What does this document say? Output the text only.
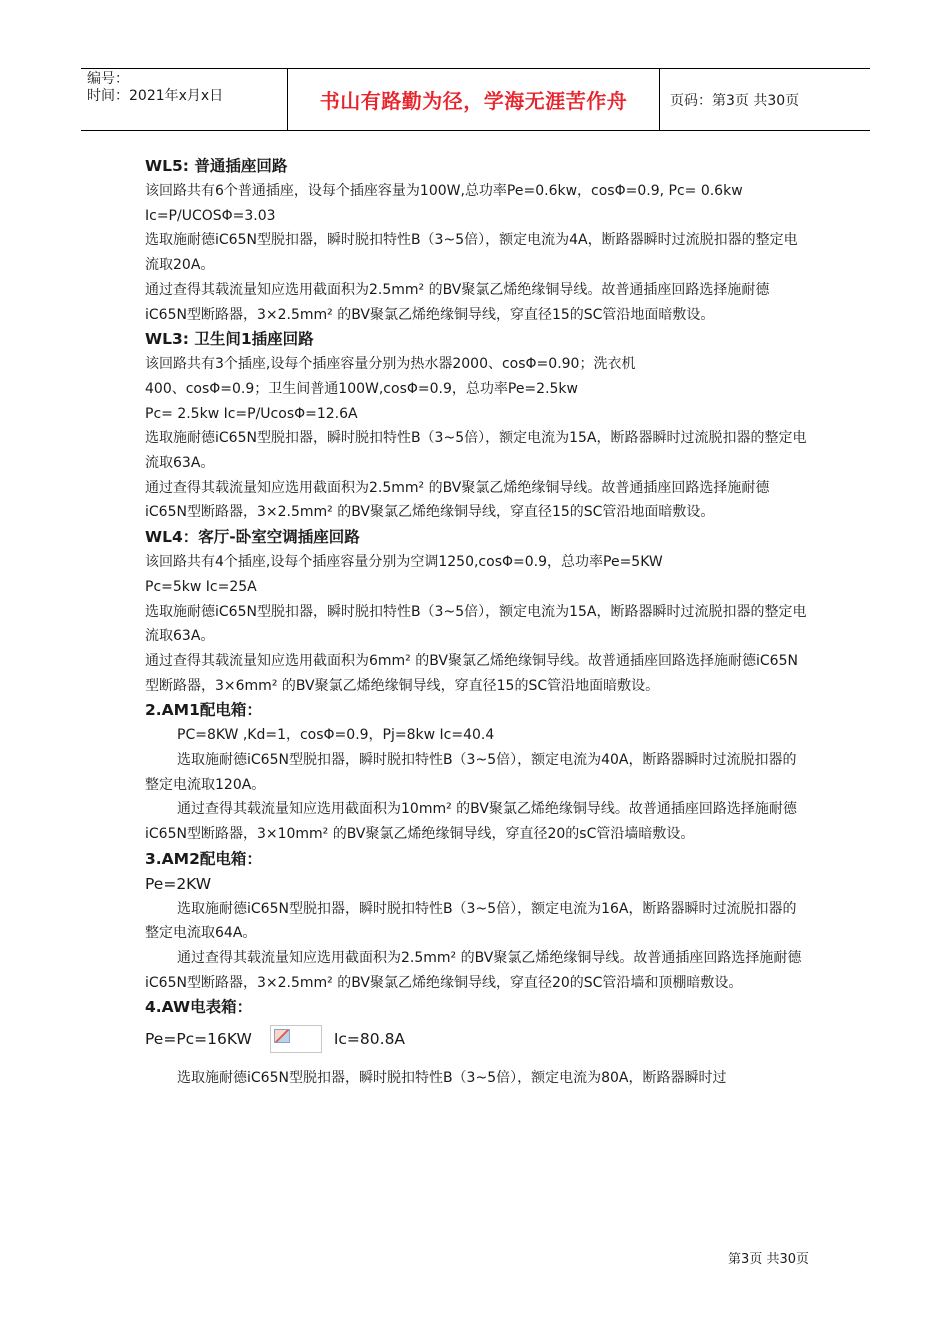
编号：
时间：2021年x月x日	书山有路勤为径，学海无涯苦作舟	页码：第3页 共30页

WL5: 普通插座回路

该回路共有6个普通插座，设每个插座容量为100W,总功率Pe=0.6kw，cosΦ=0.9, Pc= 0.6kw

Ic=P/UCOSΦ=3.03

选取施耐德iC65N型脱扣器，瞬时脱扣特性B（3~5倍），额定电流为4A，断路器瞬时过流脱扣器的整定电流取20A。

通过查得其载流量知应选用截面积为2.5mm² 的BV聚氯乙烯绝缘铜导线。故普通插座回路选择施耐德iC65N型断路器，3×2.5mm² 的BV聚氯乙烯绝缘铜导线，穿直径15的SC管沿地面暗敷设。

WL3: 卫生间1插座回路

该回路共有3个插座,设每个插座容量分别为热水器2000、cosΦ=0.90；洗衣机

400、cosΦ=0.9；卫生间普通100W,cosΦ=0.9，总功率Pe=2.5kw

Pc= 2.5kw Ic=P/UcosΦ=12.6A

选取施耐德iC65N型脱扣器，瞬时脱扣特性B（3~5倍），额定电流为15A，断路器瞬时过流脱扣器的整定电流取63A。

通过查得其载流量知应选用截面积为2.5mm² 的BV聚氯乙烯绝缘铜导线。故普通插座回路选择施耐德iC65N型断路器，3×2.5mm² 的BV聚氯乙烯绝缘铜导线，穿直径15的SC管沿地面暗敷设。

WL4：客厅-卧室空调插座回路

该回路共有4个插座,设每个插座容量分别为空调1250,cosΦ=0.9，总功率Pe=5KW

Pc=5kw Ic=25A

选取施耐德iC65N型脱扣器，瞬时脱扣特性B（3~5倍），额定电流为15A，断路器瞬时过流脱扣器的整定电流取63A。

通过查得其载流量知应选用截面积为6mm² 的BV聚氯乙烯绝缘铜导线。故普通插座回路选择施耐德iC65N型断路器，3×6mm² 的BV聚氯乙烯绝缘铜导线，穿直径15的SC管沿地面暗敷设。

2.AM1配电箱：

PC=8KW ,Kd=1，cosΦ=0.9，Pj=8kw Ic=40.4

选取施耐德iC65N型脱扣器，瞬时脱扣特性B（3~5倍），额定电流为40A，断路器瞬时过流脱扣器的整定电流取120A。

通过查得其载流量知应选用截面积为10mm² 的BV聚氯乙烯绝缘铜导线。故普通插座回路选择施耐德iC65N型断路器，3×10mm² 的BV聚氯乙烯绝缘铜导线，穿直径20的sC管沿墙暗敷设。

3.AM2配电箱：

Pe=2KW

选取施耐德iC65N型脱扣器，瞬时脱扣特性B（3~5倍），额定电流为16A，断路器瞬时过流脱扣器的整定电流取64A。

通过查得其载流量知应选用截面积为2.5mm² 的BV聚氯乙烯绝缘铜导线。故普通插座回路选择施耐德iC65N型断路器，3×2.5mm² 的BV聚氯乙烯绝缘铜导线，穿直径20的SC管沿墙和顶棚暗敷设。

4.AW电表箱：

Pe=Pc=16KW	Ic=80.8A

选取施耐德iC65N型脱扣器，瞬时脱扣特性B（3~5倍），额定电流为80A，断路器瞬时过

第3页 共30页
